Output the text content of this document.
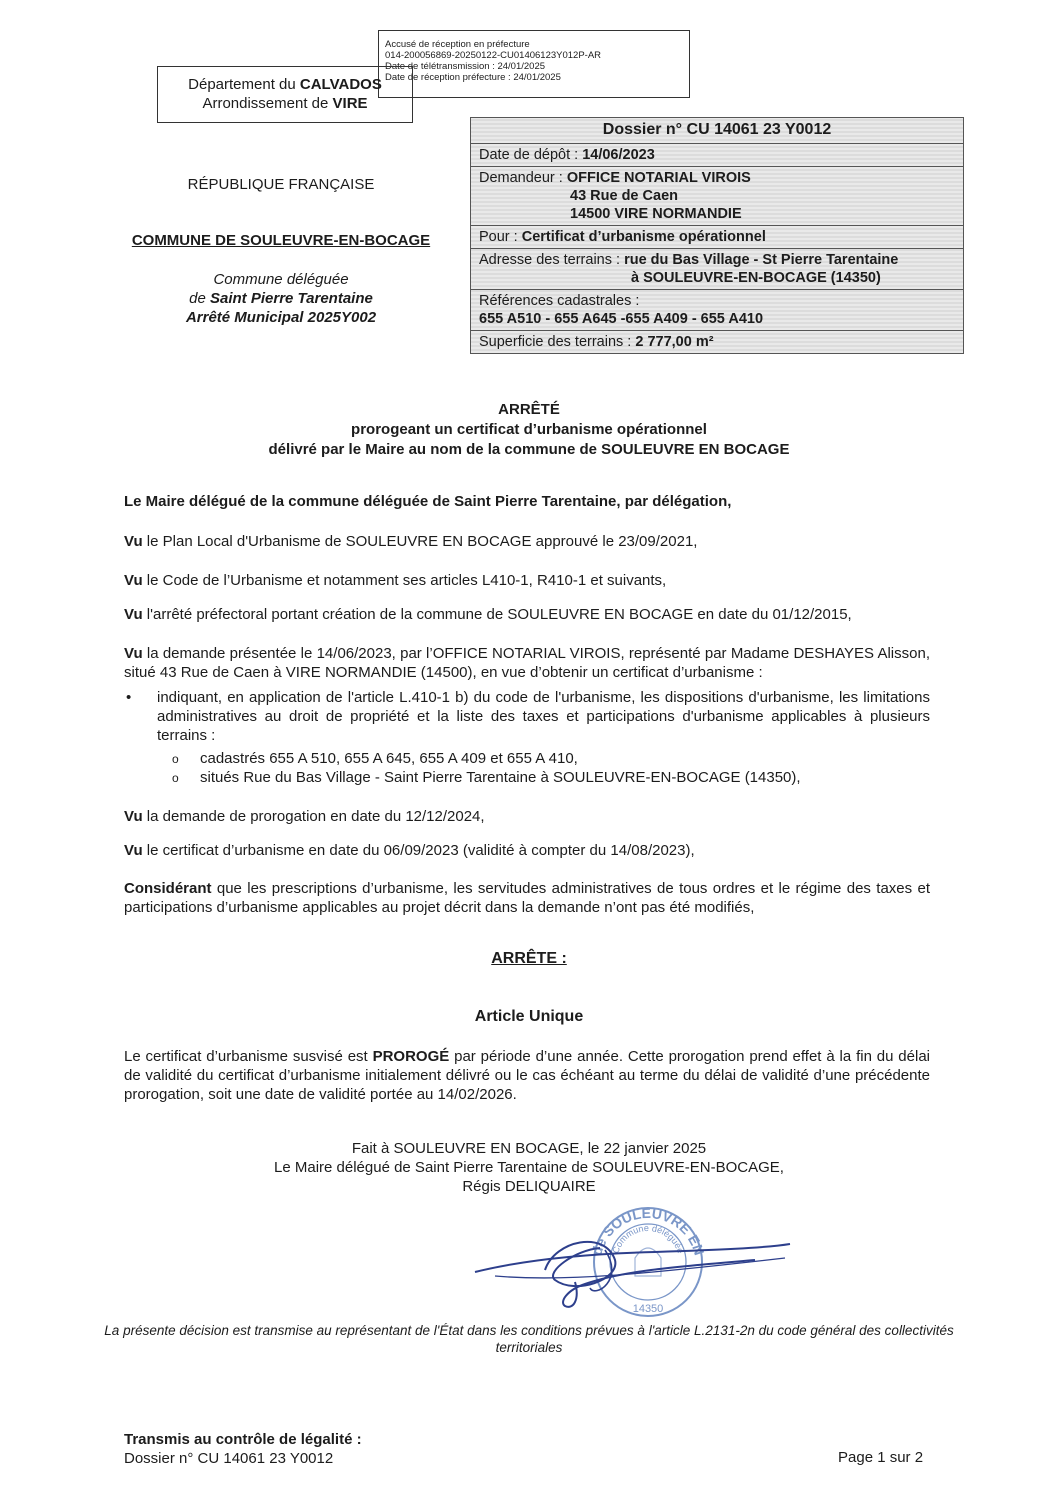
Accusé de réception en préfecture
014-200056869-20250122-CU01406123Y012P-AR
Date de télétransmission : 24/01/2025
Date de réception préfecture : 24/01/2025
Département du CALVADOS
Arrondissement de VIRE
Dossier n° CU 14061 23 Y0012
Date de dépôt : 14/06/2023
Demandeur : OFFICE NOTARIAL VIROIS
43 Rue de Caen
14500 VIRE NORMANDIE
Pour : Certificat d’urbanisme opérationnel
Adresse des terrains : rue du Bas Village - St Pierre Tarentaine
à SOULEUVRE-EN-BOCAGE (14350)
Références cadastrales :
655 A510 - 655 A645 -655 A409 - 655 A410
Superficie des terrains : 2 777,00 m²
RÉPUBLIQUE FRANÇAISE
COMMUNE DE SOULEUVRE-EN-BOCAGE
Commune déléguée
de Saint Pierre Tarentaine
Arrêté Municipal 2025Y002
ARRÊTÉ
prorogeant un certificat d’urbanisme opérationnel
délivré par le Maire au nom de la commune de SOULEUVRE EN BOCAGE
Le Maire délégué de la commune déléguée de Saint Pierre Tarentaine, par délégation,
Vu le Plan Local d'Urbanisme de SOULEUVRE EN BOCAGE approuvé le 23/09/2021,
Vu le Code de l’Urbanisme et notamment ses articles L410-1, R410-1 et suivants,
Vu l'arrêté préfectoral portant création de la commune de SOULEUVRE EN BOCAGE en date du 01/12/2015,
Vu la demande présentée le 14/06/2023, par l’OFFICE NOTARIAL VIROIS, représenté par Madame DESHAYES Alisson, situé 43 Rue de Caen à VIRE NORMANDIE (14500), en vue d’obtenir un certificat d’urbanisme :
• indiquant, en application de l'article L.410-1 b) du code de l'urbanisme, les dispositions d'urbanisme, les limitations administratives au droit de propriété et la liste des taxes et participations d'urbanisme applicables à plusieurs terrains :
o cadastrés 655 A 510, 655 A 645, 655 A 409 et 655 A 410,
o situés Rue du Bas Village - Saint Pierre Tarentaine à SOULEUVRE-EN-BOCAGE (14350),
Vu la demande de prorogation en date du 12/12/2024,
Vu le certificat d’urbanisme en date du 06/09/2023 (validité à compter du 14/08/2023),
Considérant que les prescriptions d’urbanisme, les servitudes administratives de tous ordres et le régime des taxes et participations d’urbanisme applicables au projet décrit dans la demande n’ont pas été modifiés,
ARRÊTE :
Article Unique
Le certificat d’urbanisme susvisé est PROROGÉ par période d’une année. Cette prorogation prend effet à la fin du délai de validité du certificat d’urbanisme initialement délivré ou le cas échéant au terme du délai de validité d’une précédente prorogation, soit une date de validité portée au 14/02/2026.
Fait à SOULEUVRE EN BOCAGE, le 22 janvier 2025
Le Maire délégué de Saint Pierre Tarentaine de SOULEUVRE-EN-BOCAGE,
Régis DELIQUAIRE
de SOULEUVRE EN
Commune déléguée
14350
La présente décision est transmise au représentant de l'État dans les conditions prévues à l'article L.2131-2n du code général des collectivités territoriales
Transmis au contrôle de légalité :
Dossier n° CU 14061 23 Y0012	Page 1 sur 2
